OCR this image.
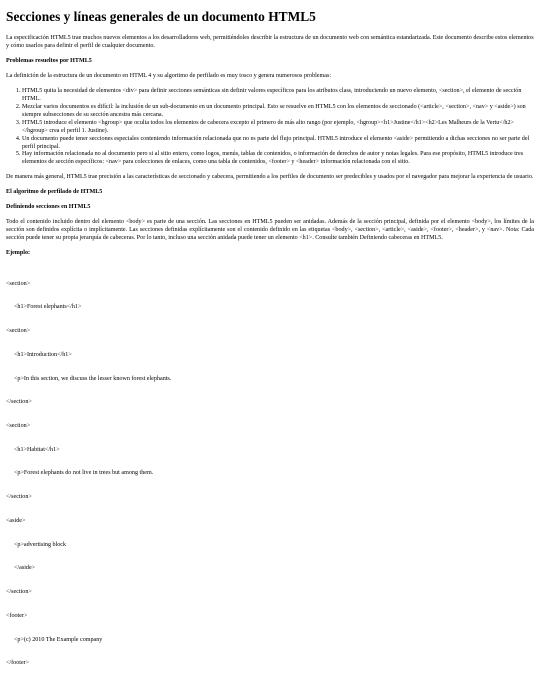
Secciones y líneas generales de un documento HTML5

La especificación HTML5 trae muchos nuevos elementos a los desarrolladores web, permitiéndoles describir la estructura de un documento web con semántica estandarizada. Este documento describe estos elementos y cómo usarlos para definir el perfil de cualquier documento.

Problemas resueltos por HTML5

La definición de la estructura de un documento en HTML 4 y su algoritmo de perfilado es muy tosco y genera numerosos problemas:

1. HTML5 quita la necesidad de elementos <div> para definir secciones semánticas sin definir valores específicos para los atributos class, introduciendo un nuevo elemento, <section>, el elemento de sección HTML.
2. Mezclar varios documentos es difícil: la inclusión de un sub-documento en un documento principal. Esto se resuelve en HTML5 con los elementos de seccionado (<article>, <section>, <nav> y <aside>) son siempre subsecciones de su sección ancestra más cercana.
3. HTML5 introduce el elemento <hgroup> que oculta todos los elementos de cabecera excepto el primero de más alto rango (por ejemplo, <hgroup><h1>Justine</h1><h2>Les Malheurs de la Vertu</h2></hgroup> crea el perfil 1. Justine).
4. Un documento puede tener secciones especiales conteniendo información relacionada que no es parte del flujo principal. HTML5 introduce el elemento <aside> permitiendo a dichas secciones no ser parte del perfil principal.
5. Hay información relacionada no al documento pero si al sitio entero, como logos, menús, tablas de contenidos, o información de derechos de autor y notas legales. Para ese propósito, HTML5 introduce tres elementos de sección específicos: <nav> para colecciones de enlaces, como una tabla de contenidos, <footer> y <header> información relacionada con el sitio.

De manera más general, HTML5 trae precisión a las características de seccionado y cabecera, permitiendo a los perfiles de documento ser predecibles y usados por el navegador para mejorar la experiencia de usuario.

El algoritmo de perfilado de HTML5

Definiendo secciones en HTML5

Todo el contenido incluido dentro del elemento <body> es parte de una sección. Las secciones en HTML5 pueden ser anidadas. Además de la sección principal, definida por el elemento <body>, los límites de la sección son definidos explícita o implícitamente. Las secciones definidas explícitamente son el contenido definido en las etiquetas <body>, <section>, <article>, <aside>, <footer>, <header>, y <nav>. Nota: Cada sección puede tener su propia jerarquía de cabeceras. Por lo tanto, incluso una sección anidada puede tener un elemento <h1>. Consulte también Definiendo cabeceras en HTML5.

Ejemplo:

<section>

<h1>Forest elephants</h1>

<section>

<h1>Introduction</h1>

<p>In this section, we discuss the lesser known forest elephants.

</section>

<section>

<h1>Habitat</h1>

<p>Forest elephants do not live in trees but among them.

</section>

<aside>

<p>advertising block

</aside>

</section>

<footer>

<p>(c) 2010 The Example company

</footer>
